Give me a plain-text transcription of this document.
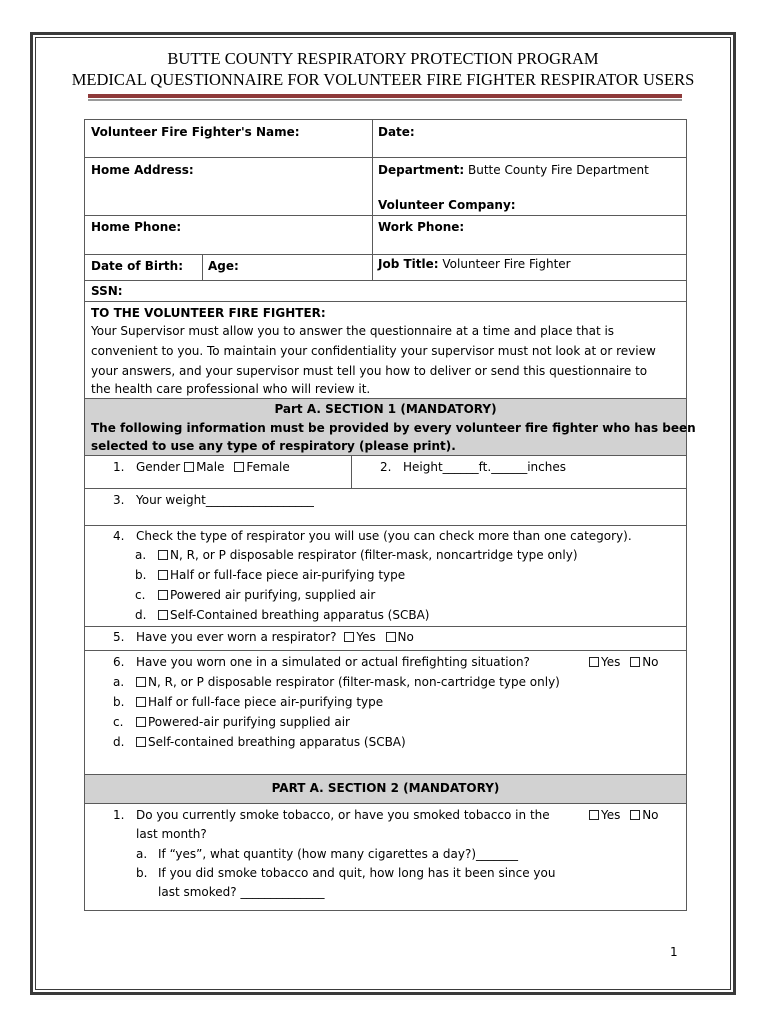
BUTTE COUNTY RESPIRATORY PROTECTION PROGRAM
MEDICAL QUESTIONNAIRE FOR VOLUNTEER FIRE FIGHTER RESPIRATOR USERS
Volunteer Fire Fighter's Name:	Date:
Home Address:	Department: Butte County Fire Department
Volunteer Company:
Home Phone:	Work Phone:
Date of Birth: Age:	Job Title: Volunteer Fire Fighter
SSN:
TO THE VOLUNTEER FIRE FIGHTER:
Your Supervisor must allow you to answer the questionnaire at a time and place that is
convenient to you. To maintain your confidentiality your supervisor must not look at or review
your answers, and your supervisor must tell you how to deliver or send this questionnaire to
the health care professional who will review it.
Part A. SECTION 1 (MANDATORY)
The following information must be provided by every volunteer fire fighter who has been
selected to use any type of respiratory (please print).
1. Gender Male Female	2. Height______ft.______inches
3. Your weight__________________
4. Check the type of respirator you will use (you can check more than one category).
a.	N, R, or P disposable respirator (filter-mask, noncartridge type only)
b.	Half or full-face piece air-purifying type
c.	Powered air purifying, supplied air
d.	Self-Contained breathing apparatus (SCBA)
5. Have you ever worn a respirator? Yes No
6. Have you worn one in a simulated or actual firefighting situation?	Yes No
a.	N, R, or P disposable respirator (filter-mask, non-cartridge type only)
b.	Half or full-face piece air-purifying type
c.	Powered-air purifying supplied air
d.	Self-contained breathing apparatus (SCBA)
PART A. SECTION 2 (MANDATORY)
1. Do you currently smoke tobacco, or have you smoked tobacco in the
last month?
Yes No
a. If “yes”, what quantity (how many cigarettes a day?)_______
b. If you did smoke tobacco and quit, how long has it been since you
last smoked? ______________
1
